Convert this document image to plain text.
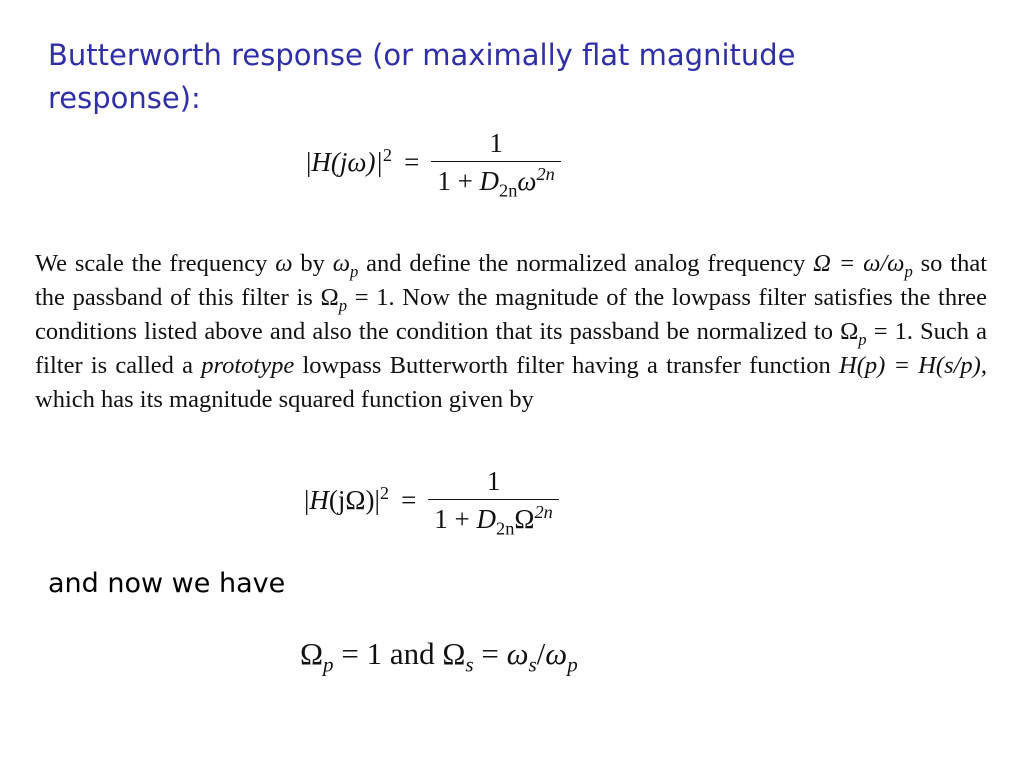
Butterworth response (or maximally flat magnitude response):
$|H(j\omega)|^2 = \frac{1}{1 + D_{2n}\omega^{2n}}$

We scale the frequency ω by $\omega_p$ and define the normalized analog frequency $\Omega = \omega/\omega_p$ so that the passband of this filter is $\Omega_p = 1$. Now the magnitude of the lowpass filter satisfies the three conditions listed above and also the condition that its passband be normalized to $\Omega_p = 1$. Such a filter is called a prototype lowpass Butterworth filter having a transfer function H(p) = H(s/p), which has its magnitude squared function given by

$|H(j\Omega)|^2 = \frac{1}{1 + D_{2n}\Omega^{2n}}$
and now we have
$\Omega_p = 1$ and $\Omega_s = \omega_s/\omega_p$
